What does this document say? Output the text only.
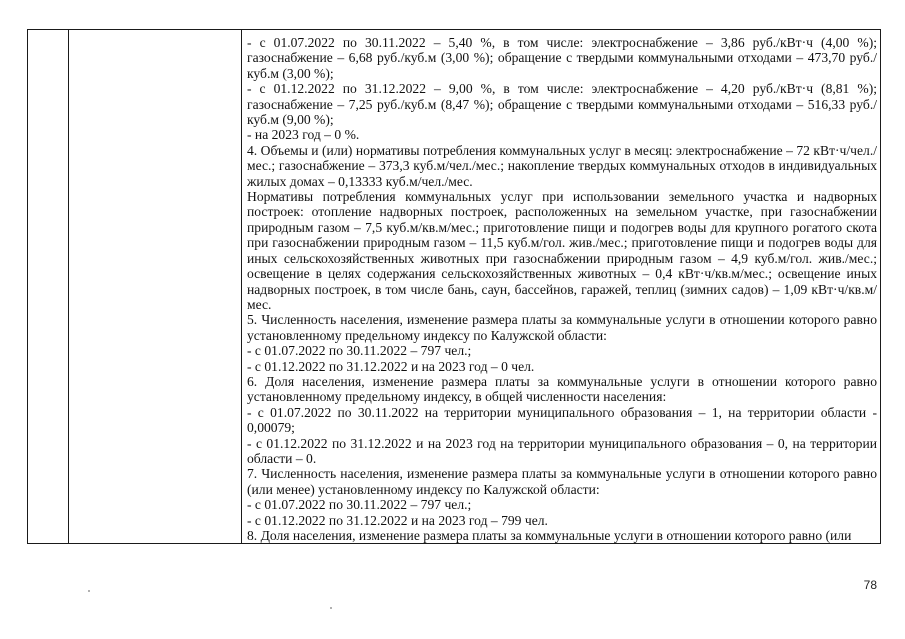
- с 01.07.2022 по 30.11.2022 – 5,40 %, в том числе: электроснабжение – 3,86 руб./кВт·ч (4,00 %); газоснабжение – 6,68 руб./куб.м (3,00 %); обращение с твердыми коммунальными отходами – 473,70 руб./куб.м (3,00 %);

- с 01.12.2022 по 31.12.2022 – 9,00 %, в том числе: электроснабжение – 4,20 руб./кВт·ч (8,81 %); газоснабжение – 7,25 руб./куб.м (8,47 %); обращение с твердыми коммунальными отходами – 516,33 руб./куб.м (9,00 %);

- на 2023 год – 0 %.

4. Объемы и (или) нормативы потребления коммунальных услуг в месяц: электроснабжение – 72 кВт·ч/чел./мес.; газоснабжение – 373,3 куб.м/чел./мес.; накопление твердых коммунальных отходов в индивидуальных жилых домах – 0,13333 куб.м/чел./мес.

Нормативы потребления коммунальных услуг при использовании земельного участка и надворных построек: отопление надворных построек, расположенных на земельном участке, при газоснабжении природным газом – 7,5 куб.м/кв.м/мес.; приготовление пищи и подогрев воды для крупного рогатого скота при газоснабжении природным газом – 11,5 куб.м/гол. жив./мес.; приготовление пищи и подогрев воды для иных сельскохозяйственных животных при газоснабжении природным газом – 4,9 куб.м/гол. жив./мес.; освещение в целях содержания сельскохозяйственных животных – 0,4 кВт·ч/кв.м/мес.; освещение иных надворных построек, в том числе бань, саун, бассейнов, гаражей, теплиц (зимних садов) – 1,09 кВт·ч/кв.м/мес.

5. Численность населения, изменение размера платы за коммунальные услуги в отношении которого равно установленному предельному индексу по Калужской области:

- с 01.07.2022 по 30.11.2022 – 797 чел.;

- с 01.12.2022 по 31.12.2022 и на 2023 год – 0 чел.

6. Доля населения, изменение размера платы за коммунальные услуги в отношении которого равно установленному предельному индексу, в общей численности населения:

- с 01.07.2022 по 30.11.2022 на территории муниципального образования – 1, на территории области - 0,00079;

- с 01.12.2022 по 31.12.2022 и на 2023 год на территории муниципального образования – 0, на территории области – 0.

7. Численность населения, изменение размера платы за коммунальные услуги в отношении которого равно (или менее) установленному индексу по Калужской области:

- с 01.07.2022 по 30.11.2022 – 797 чел.;

- с 01.12.2022 по 31.12.2022 и на 2023 год – 799 чел.

8. Доля населения, изменение размера платы за коммунальные услуги в отношении которого равно (или

78
